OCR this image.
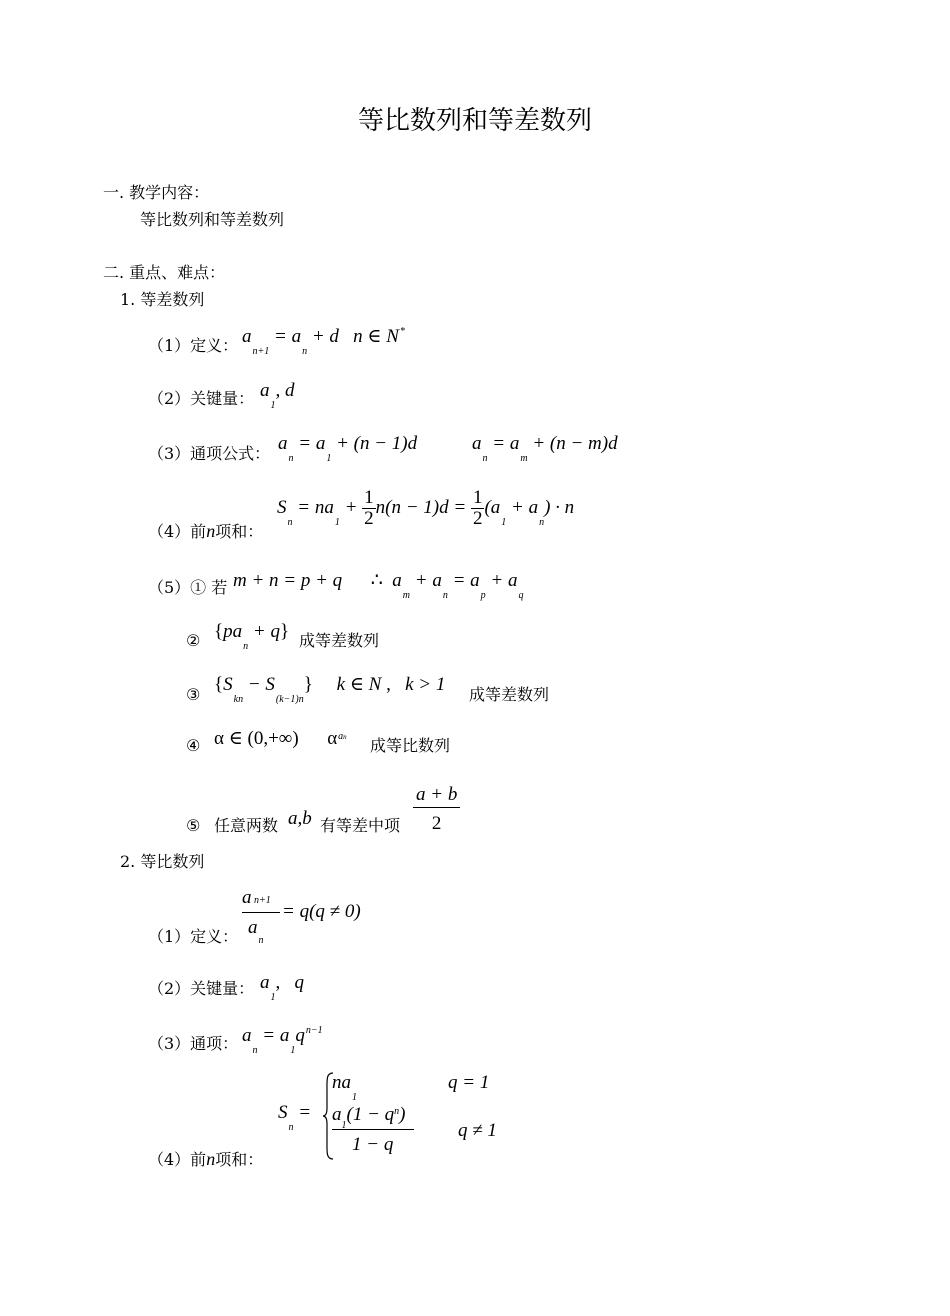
等比数列和等差数列
一. 教学内容：
等比数列和等差数列
二. 重点、难点：
1. 等差数列
（1）定义： $a_{n+1} = a_n + d$   n ∈ N*
（2）关键量： $a_1$, d
（3）通项公式： $a_n = a_1 + (n - 1)d$	$a_n = a_m + (n - m)d$
（4）前n项和：
$S_n = na_1 + \frac{1}{2} n(n - 1)d = \frac{1}{2} (a_1 + a_n) \cdot n$
（5）① 若 m + n = p + q      ∴  $a_m + a_n = a_p + a_q$
② $\{pa_n + q\}$ 成等差数列
③ $\{S_{kn} - S_{(k-1)n}\}$     k ∈ N ,   k > 1 成等差数列
④ α ∈ (0,+∞) $\alpha^{an}$ 成等比数列
⑤ 任意两数 a,b 有等差中项
a + b
2
2. 等比数列
（1）定义：
a n+1
$a_n$
= q(q ≠ 0)
（2）关键量： $a_1$,   q
（3）通项： $a_n = a_1q^{n-1}$
（4）前n项和：
$S_n$ =
$na_1$
q = 1
$a_1(1 - q^n)$
1 − q
q ≠ 1
